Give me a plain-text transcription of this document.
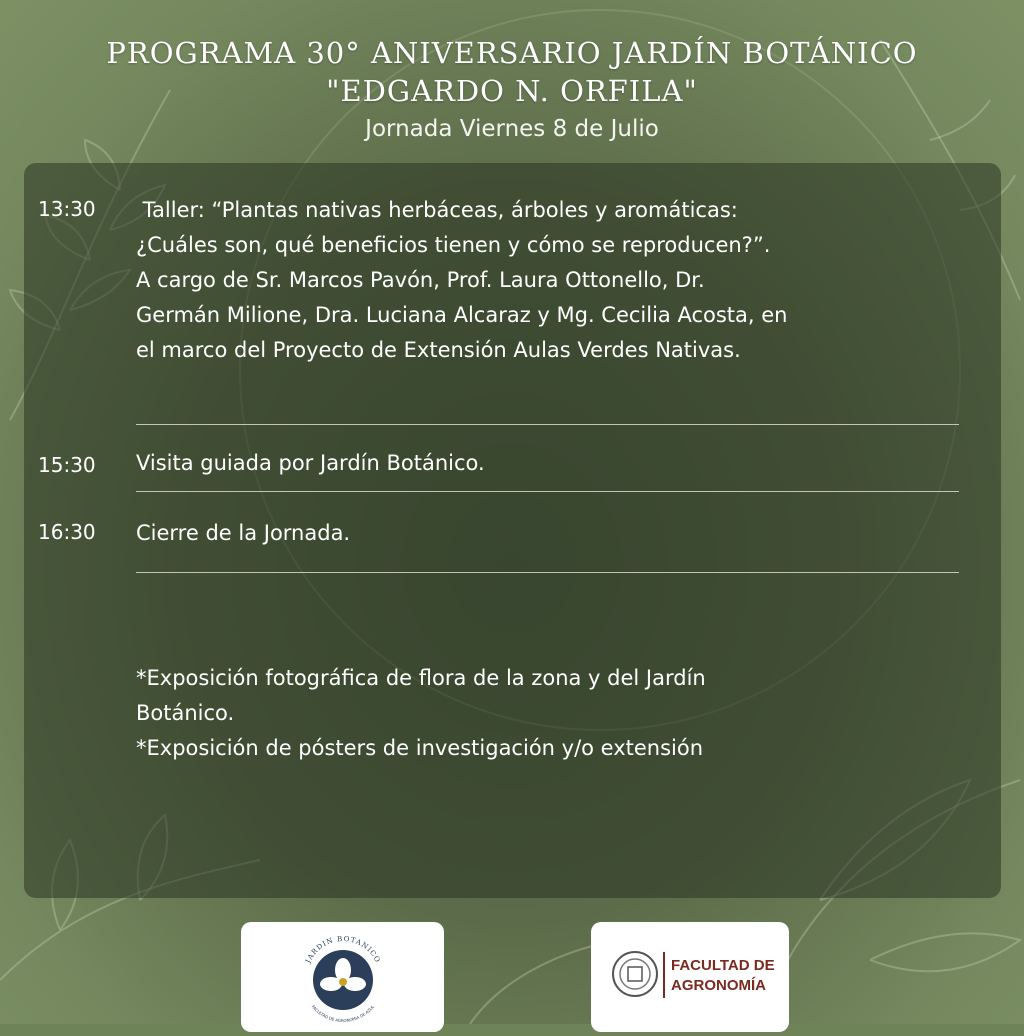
PROGRAMA 30° ANIVERSARIO JARDÍN BOTÁNICO
"EDGARDO N. ORFILA"
Jornada Viernes 8 de Julio
13:30 Taller: “Plantas nativas herbáceas, árboles y aromáticas:
¿Cuáles son, qué beneficios tienen y cómo se reproducen?”.
A cargo de Sr. Marcos Pavón, Prof. Laura Ottonello, Dr.
Germán Milione, Dra. Luciana Alcaraz y Mg. Cecilia Acosta, en
el marco del Proyecto de Extensión Aulas Verdes Nativas.
15:30 Visita guiada por Jardín Botánico.
16:30 Cierre de la Jornada.
*Exposición fotográfica de flora de la zona y del Jardín
Botánico.
*Exposición de pósters de investigación y/o extensión
JARDIN BOTANICO
FACULTAD DE AGRONOMIA DE AZUL
FACULTAD DE
AGRONOMÍA
